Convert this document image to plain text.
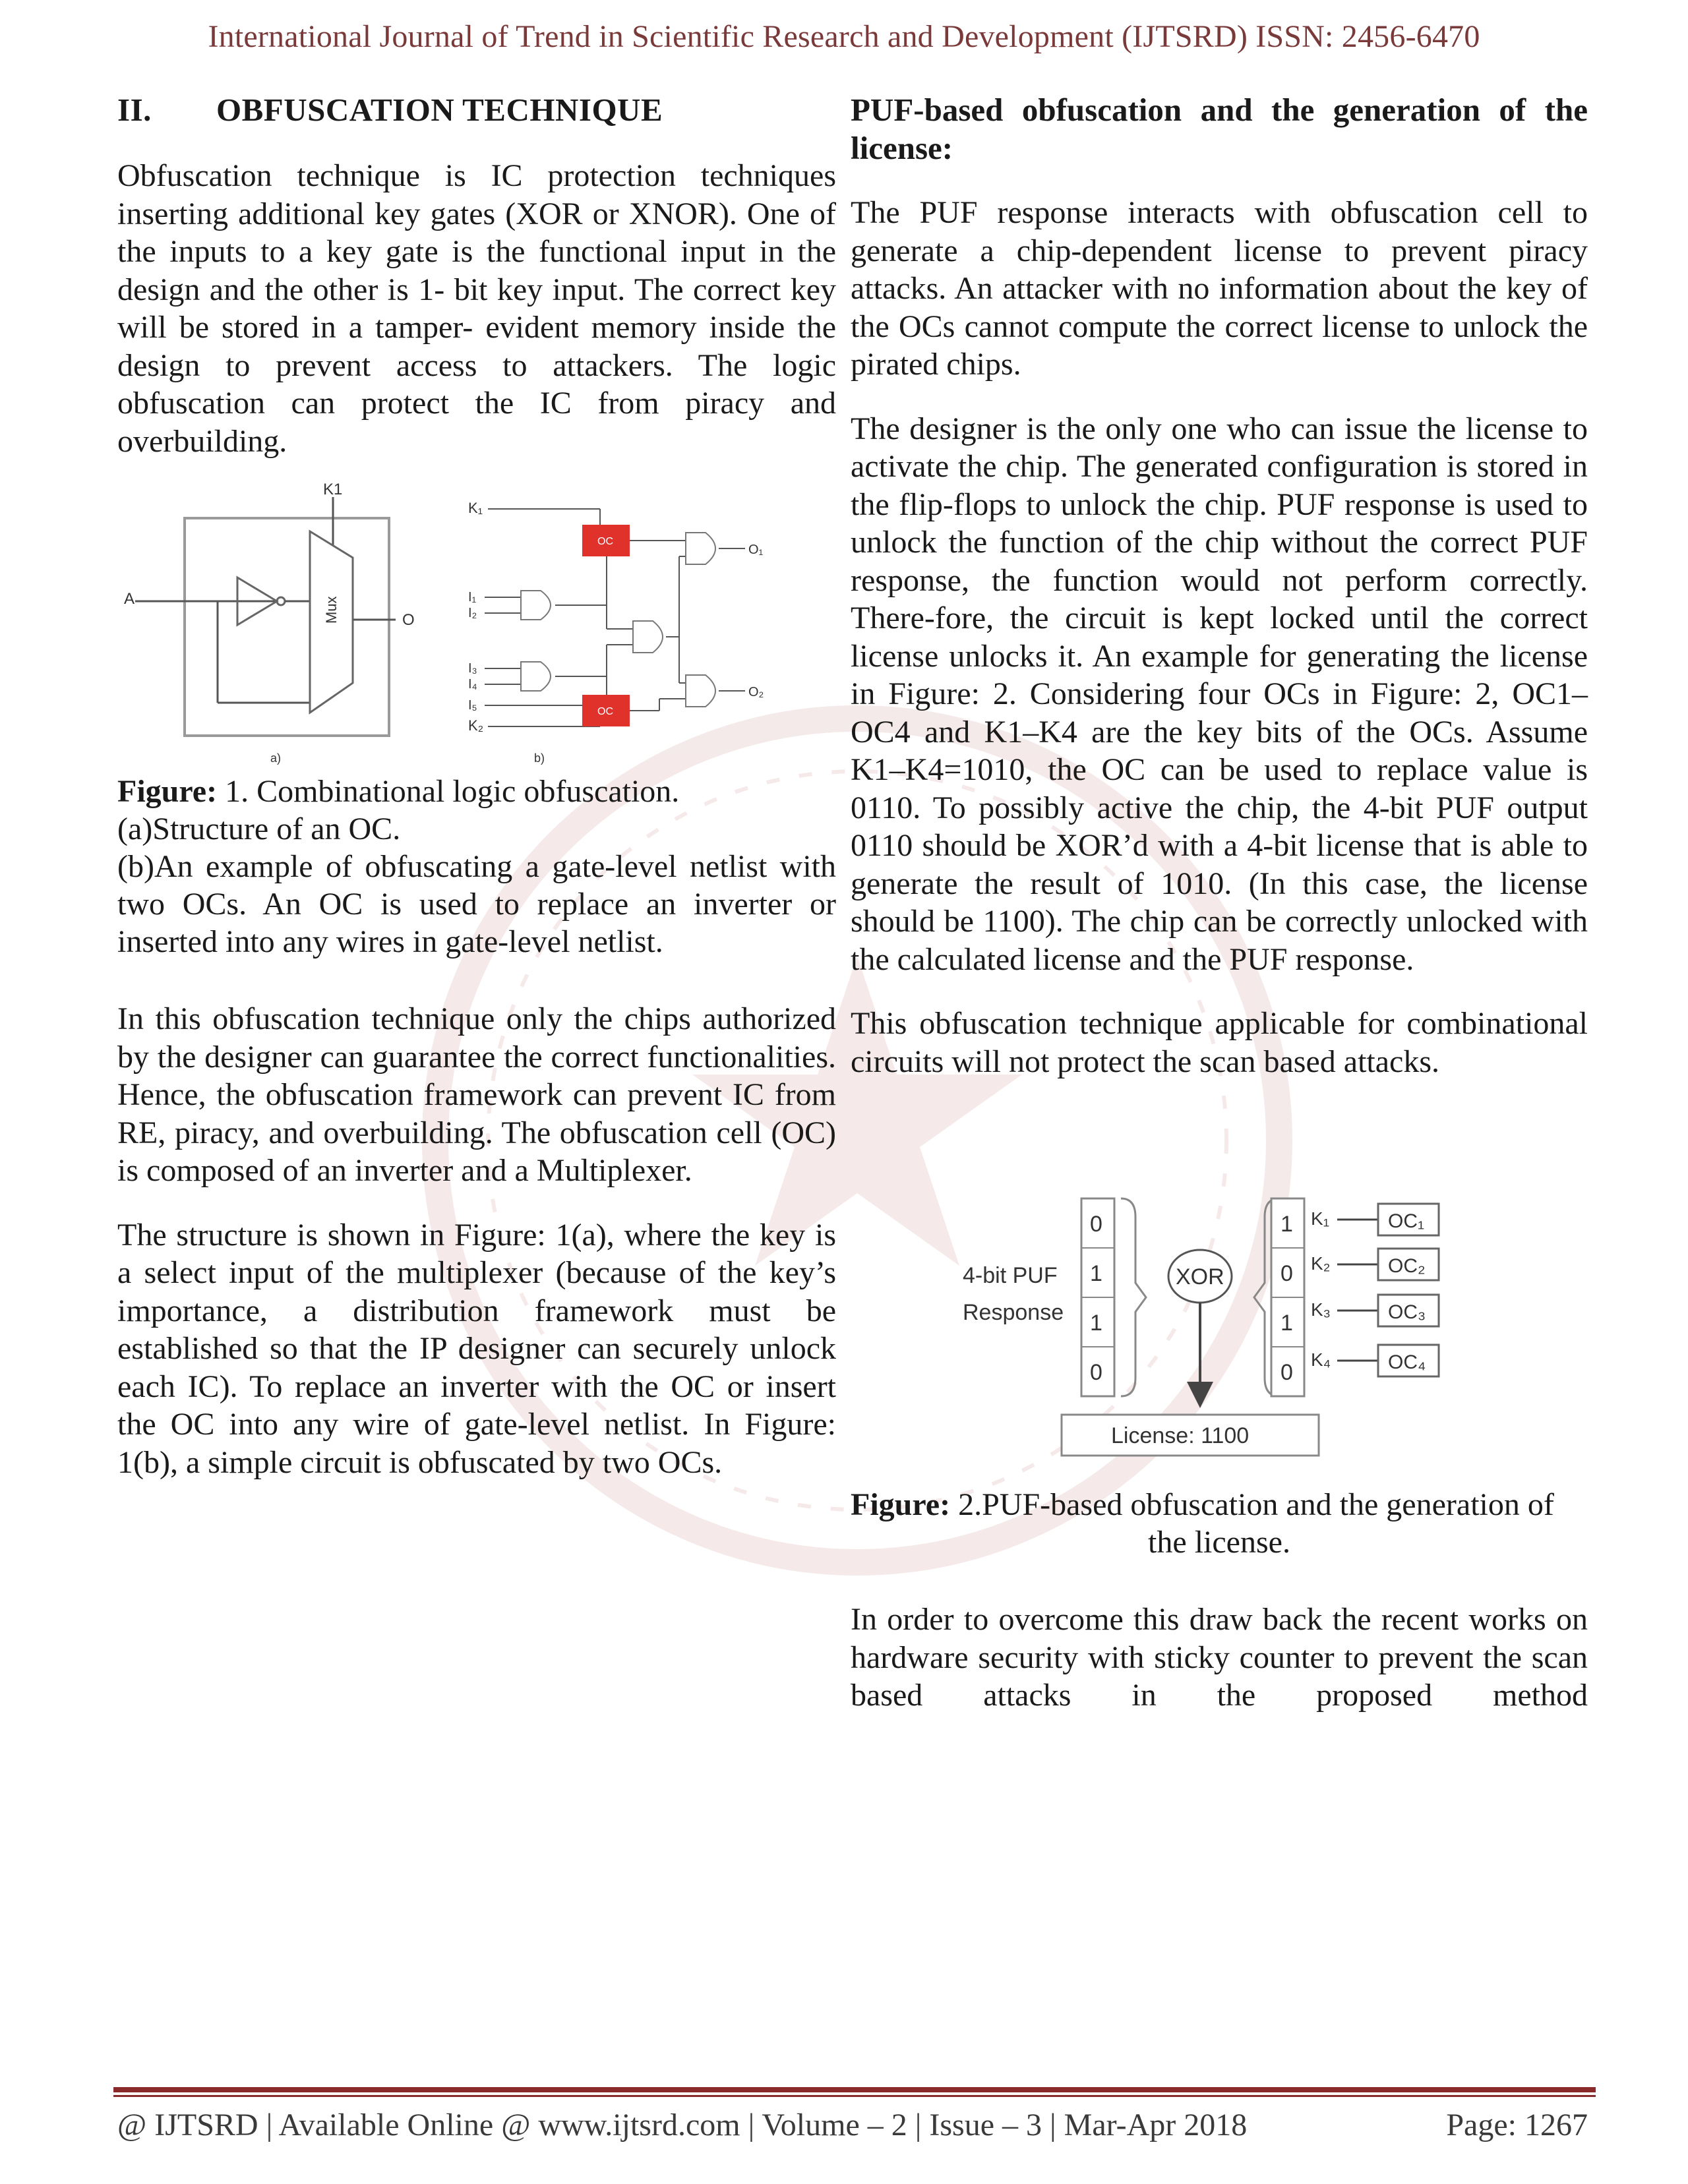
International Journal of Trend in Scientific Research and Development (IJTSRD) ISSN: 2456-6470
II. OBFUSCATION TECHNIQUE

Obfuscation technique is IC protection techniques inserting additional key gates (XOR or XNOR). One of the inputs to a key gate is the functional input in the design and the other is 1- bit key input. The correct key will be stored in a tamper- evident memory inside the design to prevent access to attackers. The logic obfuscation can protect the IC from piracy and overbuilding.

K1
A	Mux	O
a)
K₁
OC
I₁
I₂
I₃
I₄
I₅
K₂
OC
O₁
O₂
b)

Figure: 1. Combinational logic obfuscation.

(a)Structure of an OC.

(b)An example of obfuscating a gate-level netlist with two OCs. An OC is used to replace an inverter or inserted into any wires in gate-level netlist.

In this obfuscation technique only the chips authorized by the designer can guarantee the correct functionalities. Hence, the obfuscation framework can prevent IC from RE, piracy, and overbuilding. The obfuscation cell (OC) is composed of an inverter and a Multiplexer.

The structure is shown in Figure: 1(a), where the key is a select input of the multiplexer (because of the key’s importance, a distribution framework must be established so that the IP designer can securely unlock each IC). To replace an inverter with the OC or insert the OC into any wire of gate-level netlist. In Figure: 1(b), a simple circuit is obfuscated by two OCs.

PUF-based obfuscation and the generation of the license:

The PUF response interacts with obfuscation cell to generate a chip-dependent license to prevent piracy attacks. An attacker with no information about the key of the OCs cannot compute the correct license to unlock the pirated chips.

The designer is the only one who can issue the license to activate the chip. The generated configuration is stored in the flip-flops to unlock the chip. PUF response is used to unlock the function of the chip without the correct PUF response, the function would not perform correctly. There-fore, the circuit is kept locked until the correct license unlocks it. An example for generating the license in Figure: 2. Considering four OCs in Figure: 2, OC1–OC4 and K1–K4 are the key bits of the OCs. Assume K1–K4=1010, the OC can be used to replace value is 0110. To possibly active the chip, the 4-bit PUF output 0110 should be XOR’d with a 4-bit license that is able to generate the result of 1010. (In this case, the license should be 1100). The chip can be correctly unlocked with the calculated license and the PUF response.

This obfuscation technique applicable for combinational circuits will not protect the scan based attacks.

0
1
1
0
4-bit PUF
Response
XOR
1
0
1
0
K₁
K₂
K₃
K₄
OC₁
OC₂
OC₃
OC₄
License: 1100

Figure: 2.PUF-based obfuscation and the generation of

the license.

In order to overcome this draw back the recent works on hardware security with sticky counter to prevent the scan based attacks in the proposed method

@ IJTSRD | Available Online @ www.ijtsrd.com | Volume – 2 | Issue – 3 | Mar-Apr 2018	Page: 1267
